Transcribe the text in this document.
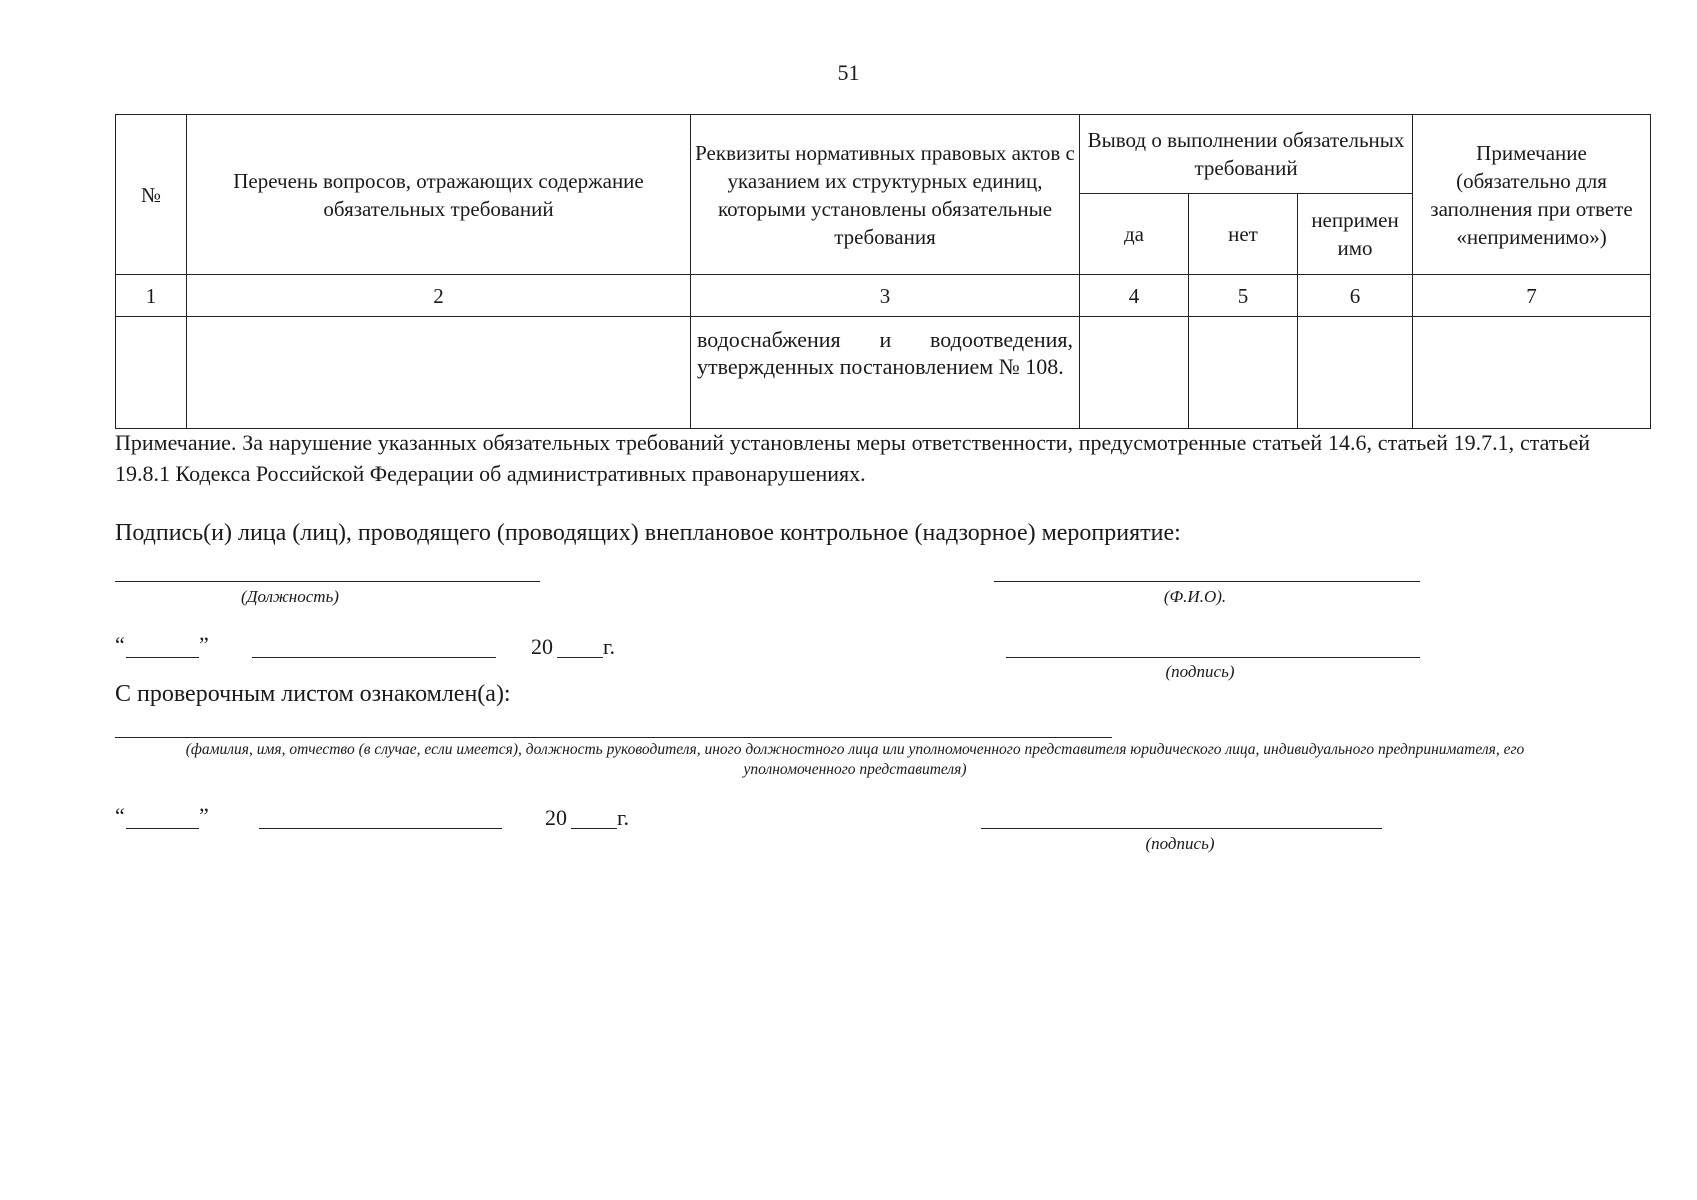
51
№	Перечень вопросов, отражающих содержание обязательных требований	Реквизиты нормативных правовых актов с указанием их структурных единиц, которыми установлены обязательные требования	Вывод о выполнении обязательных требований			Примечание (обязательно для заполнения при ответе «неприменимо»)
			да	нет	непримен имо	
1	2	3	4	5	6	7
		водоснабжения и водоотведения, утвержденных постановлением № 108.				
Примечание. За нарушение указанных обязательных требований установлены меры ответственности, предусмотренные статьей 14.6, статьей 19.7.1, статьей 19.8.1 Кодекса Российской Федерации об административных правонарушениях.
Подпись(и) лица (лиц), проводящего (проводящих) внеплановое контрольное (надзорное) мероприятие:
(Должность)	(Ф.И.О).
“	”	20 г.
(подпись)
С проверочным листом ознакомлен(а):
(фамилия, имя, отчество (в случае, если имеется), должность руководителя, иного должностного лица или уполномоченного представителя юридического лица, индивидуального предпринимателя, его уполномоченного представителя)
“	”	20 г.
(подпись)
